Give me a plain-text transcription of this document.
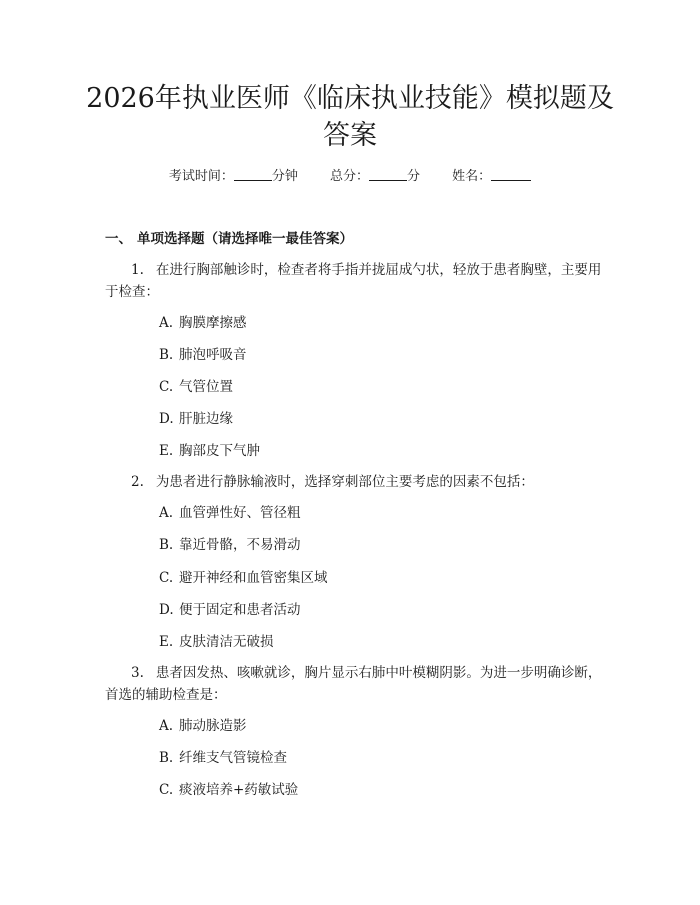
2026年执业医师《临床执业技能》模拟题及答案
考试时间：	分钟 总分：	分 姓名：
一、 单项选择题（请选择唯一最佳答案）

1. 在进行胸部触诊时，检查者将手指并拢屈成勺状，轻放于患者胸壁，主要用于检查：

A. 胸膜摩擦感
B. 肺泡呼吸音
C. 气管位置
D. 肝脏边缘
E. 胸部皮下气肿

2. 为患者进行静脉输液时，选择穿刺部位主要考虑的因素不包括：

A. 血管弹性好、管径粗
B. 靠近骨骼，不易滑动
C. 避开神经和血管密集区域
D. 便于固定和患者活动
E. 皮肤清洁无破损

3. 患者因发热、咳嗽就诊，胸片显示右肺中叶模糊阴影。为进一步明确诊断，首选的辅助检查是：

A. 肺动脉造影
B. 纤维支气管镜检查
C. 痰液培养+药敏试验
